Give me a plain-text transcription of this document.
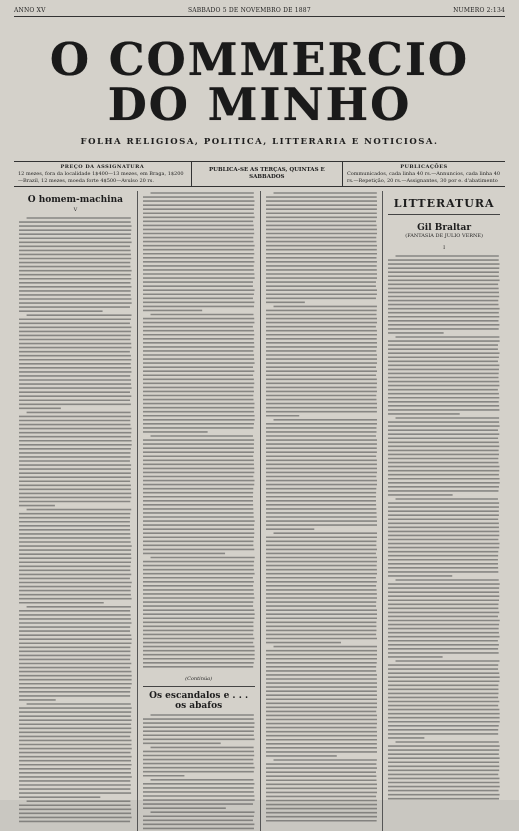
ANNO XV	SABBADO 5 DE NOVEMBRO DE 1887	NUMERO 2:134
O COMMERCIO DO MINHO
FOLHA RELIGIOSA, POLITICA, LITTERARIA E NOTICIOSA.
PREÇO DA ASSIGNATURA
12 mezes, fora da localidade 1$400—13 mezes, em Braga, 1$200—Brazil, 12 mezes, moeda forte 4$500—Avulso 20 rs.
PUBLICA-SE AS TERÇAS, QUINTAS E SABBADOS
PUBLICAÇÕES
Communicados, cada linha 40 rs.—Annuncios, cada linha 40 rs.—Repetição, 20 rs.—Assignantes, 30 por e. d'abatimento
O homem-machina
V
(Continúa)
Os escandalos e . . . os abafos
LITTERATURA
Gil Braltar
(FANTASIA DE JULIO VERNE)
I
